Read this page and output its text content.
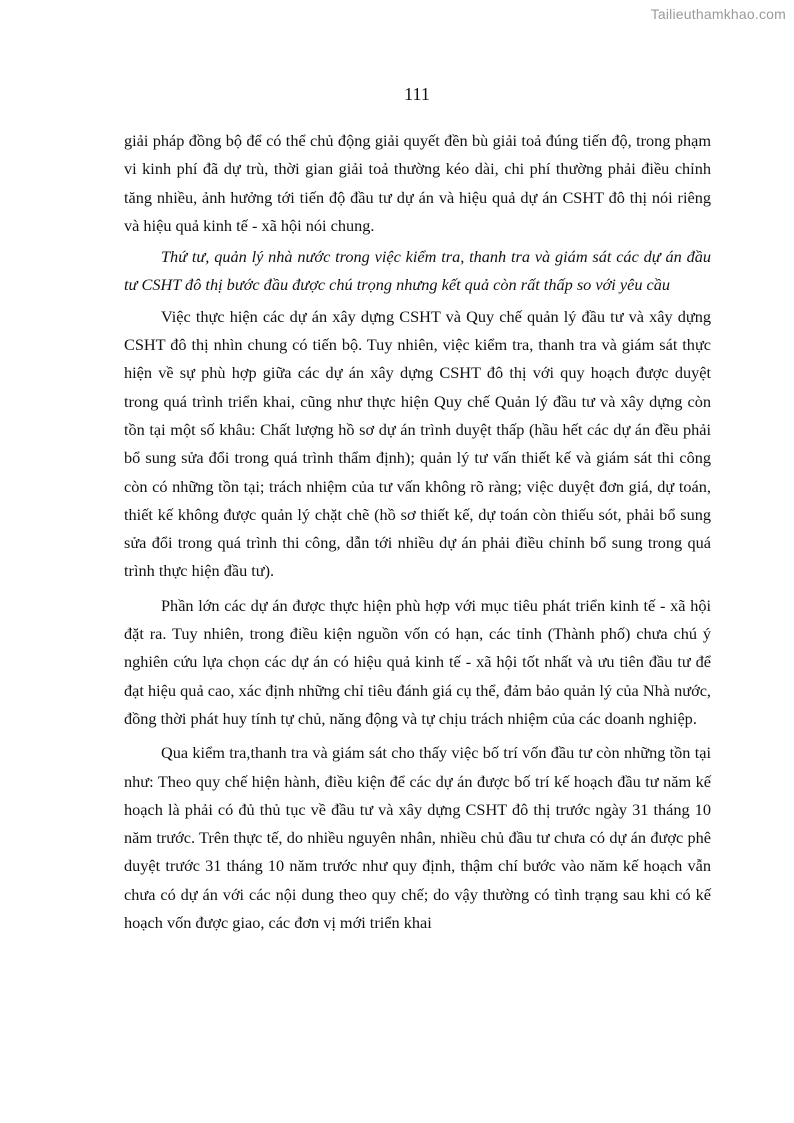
Tailieuthamkhao.com
111

giải pháp đồng bộ để có thể chủ động giải quyết đền bù giải toả đúng tiến độ, trong phạm vi kinh phí đã dự trù, thời gian giải toả thường kéo dài, chi phí thường phải điều chỉnh tăng nhiều, ảnh hưởng tới tiến độ đầu tư dự án và hiệu quả dự án CSHT đô thị nói riêng và hiệu quả kinh tế - xã hội nói chung.

Thứ tư, quản lý nhà nước trong việc kiểm tra, thanh tra và giám sát các dự án đầu tư CSHT đô thị bước đầu được chú trọng nhưng kết quả còn rất thấp so với yêu cầu

Việc thực hiện các dự án xây dựng CSHT và Quy chế quản lý đầu tư và xây dựng CSHT đô thị nhìn chung có tiến bộ. Tuy nhiên, việc kiểm tra, thanh tra và giám sát thực hiện về sự phù hợp giữa các dự án xây dựng CSHT đô thị với quy hoạch được duyệt trong quá trình triển khai, cũng như thực hiện Quy chế Quản lý đầu tư và xây dựng còn tồn tại một số khâu: Chất lượng hồ sơ dự án trình duyệt thấp (hầu hết các dự án đều phải bổ sung sửa đổi trong quá trình thẩm định); quản lý tư vấn thiết kế và giám sát thi công còn có những tồn tại; trách nhiệm của tư vấn không rõ ràng; việc duyệt đơn giá, dự toán, thiết kế không được quản lý chặt chẽ (hồ sơ thiết kế, dự toán còn thiếu sót, phải bổ sung sửa đổi trong quá trình thi công, dẫn tới nhiều dự án phải điều chỉnh bổ sung trong quá trình thực hiện đầu tư).

Phần lớn các dự án được thực hiện phù hợp với mục tiêu phát triển kinh tế - xã hội đặt ra. Tuy nhiên, trong điều kiện nguồn vốn có hạn, các tỉnh (Thành phố) chưa chú ý nghiên cứu lựa chọn các dự án có hiệu quả kinh tế - xã hội tốt nhất và ưu tiên đầu tư để đạt hiệu quả cao, xác định những chỉ tiêu đánh giá cụ thể, đảm bảo quản lý của Nhà nước, đồng thời phát huy tính tự chủ, năng động và tự chịu trách nhiệm của các doanh nghiệp.

Qua kiểm tra,thanh tra và giám sát cho thấy việc bố trí vốn đầu tư còn những tồn tại như: Theo quy chế hiện hành, điều kiện để các dự án được bố trí kế hoạch đầu tư năm kế hoạch là phải có đủ thủ tục về đầu tư và xây dựng CSHT đô thị trước ngày 31 tháng 10 năm trước. Trên thực tế, do nhiều nguyên nhân, nhiều chủ đầu tư chưa có dự án được phê duyệt trước 31 tháng 10 năm trước như quy định, thậm chí bước vào năm kế hoạch vẫn chưa có dự án với các nội dung theo quy chế; do vậy thường có tình trạng sau khi có kế hoạch vốn được giao, các đơn vị mới triển khai
